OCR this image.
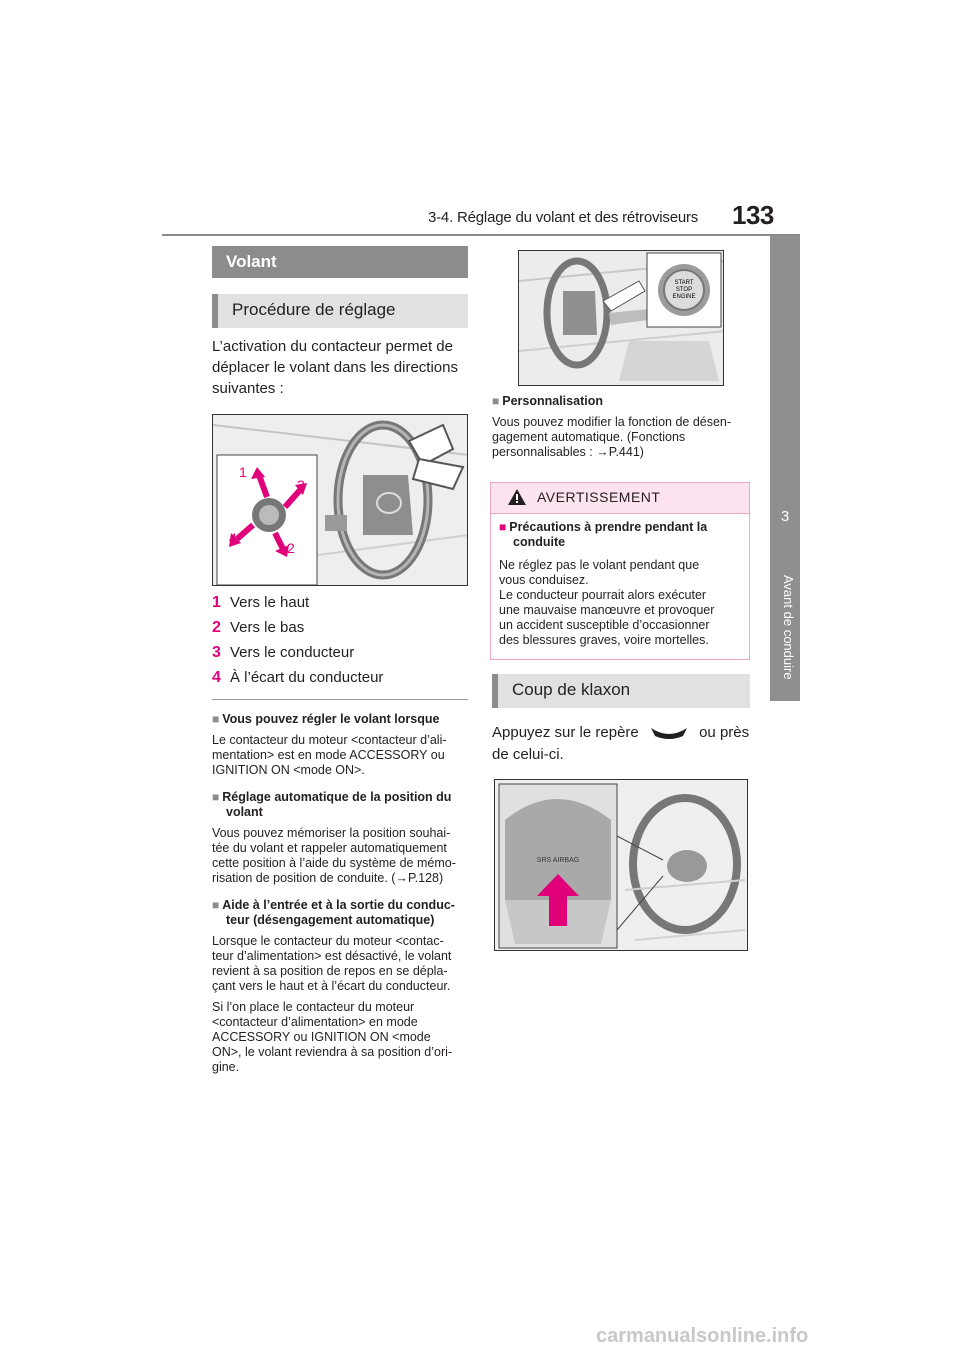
3-4. Réglage du volant et des rétroviseurs 133
3
Avant de conduire
Volant
Procédure de réglage
L’activation du contacteur permet de
déplacer le volant dans les directions
suivantes :
1
3
4
2
1 Vers le haut
2 Vers le bas
3 Vers le conducteur
4 À l’écart du conducteur
■ Vous pouvez régler le volant lorsque
Le contacteur du moteur <contacteur d’ali-
mentation> est en mode ACCESSORY ou
IGNITION ON <mode ON>.
■ Réglage automatique de la position du
volant
Vous pouvez mémoriser la position souhai-
tée du volant et rappeler automatiquement
cette position à l’aide du système de mémo-
risation de position de conduite. (→P.128)
■ Aide à l’entrée et à la sortie du conduc-
teur (désengagement automatique)
Lorsque le contacteur du moteur <contac-
teur d’alimentation> est désactivé, le volant
revient à sa position de repos en se dépla-
çant vers le haut et à l’écart du conducteur.
Si l’on place le contacteur du moteur
<contacteur d’alimentation> en mode
ACCESSORY ou IGNITION ON <mode
ON>, le volant reviendra à sa position d’ori-
gine.
START
STOP
ENGINE
■ Personnalisation
Vous pouvez modifier la fonction de désen-
gagement automatique. (Fonctions
personnalisables : →P.441)
AVERTISSEMENT
■ Précautions à prendre pendant la
conduite
Ne réglez pas le volant pendant que
vous conduisez.
Le conducteur pourrait alors exécuter
une mauvaise manœuvre et provoquer
un accident susceptible d’occasionner
des blessures graves, voire mortelles.
Coup de klaxon
Appuyez sur le repère	ou près
de celui-ci.
SRS AIRBAG
carmanualsonline.info
